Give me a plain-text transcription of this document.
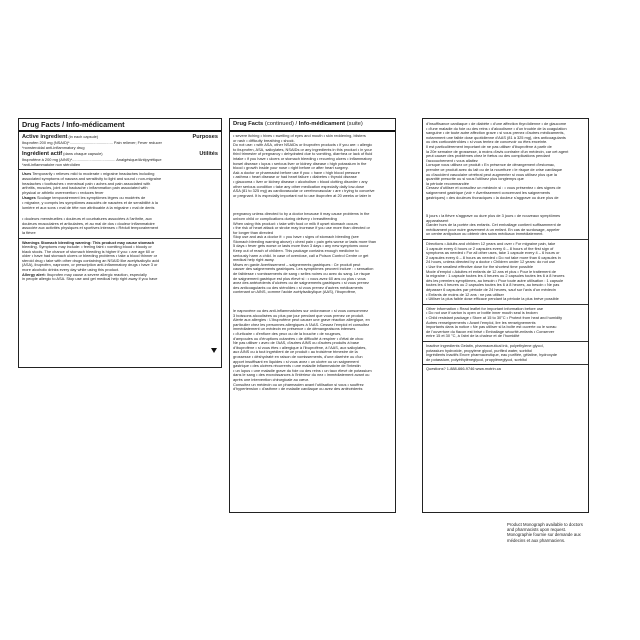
Drug Facts / Info-médicament
Active ingredient (in each capsule)	Purposes
Ibuprofen 200 mg (NSAID)*........................................ Pain reliever; Fever reducer
*nonsteroidal anti-inflammatory drug
Ingrédient actif (dans chaque capsule)	Utilités
Ibuprofène à 200 mg (AINS)*........................................ Analgésique/Antipyrétique
*anti-inflammatoire non stéroïdien
Uses Temporarily • relieves mild to moderate • migraine headaches including
associated symptoms of nausea and sensitivity to light and sound • non-migraine
headaches • toothaches • menstrual pain • aches and pain associated with
arthritis, muscles, joint and backache • inflammation pain associated with
physical or athletic overexertion • reduces fever
Usages Soulage temporairement les symptômes légers ou modérés de
• migraine, y compris les symptômes associés de nausées et de sensibilité à la
lumière et aux sons • mal de tête non attribuable à la migraine • mal de dents
• douleurs menstruelles • douleurs et courbatures associées à l'arthrite, aux
douleurs musculaires et articulaires, et au mal de dos • douleur inflammatoire
associée aux activités physiques et sportives intenses • Réduit temporairement
la fièvre
Warnings Stomach bleeding warning: This product may cause stomach
bleeding. Symptoms may include: • feeling faint • vomiting blood • bloody or
black stools. The chance of stomach bleeding is higher if you: • are age 60 or
older • have had stomach ulcers or bleeding problems • take a blood thinner or
steroid drug • take with other drugs containing an NSAID like acetylsalicylic acid
(ASA), ibuprofen, naproxen, or prescription anti-inflammatory drugs • have 3 or
more alcoholic drinks every day while using this product.
Allergy alert: Ibuprofen may cause a severe allergic reaction, especially
in people allergic to ASA. Stop use and get medical help right away if you have
Drug Facts (continued) / Info-médicament (suite)
• severe itching • hives • swelling of eyes and mouth • skin reddening, blisters
or rash • difficulty breathing • shock.
Do not use: • with ASA, other NSAIDs or ibuprofen products • if you are: • allergic
to ibuprofen, ASA, salicylates, NSAIDs or any ingredients in this product • in your
third trimester of pregnancy • dehydrated due to vomiting, diarrhea or lack of fluid
intake • if you have • ulcers or stomach bleeding • recurring ulcers • inflammatory
bowel disease • lupus • serious liver or kidney disease • high potassium in the
blood • growth inside your nose • right before or after heart surgery.
Ask a doctor or pharmacist before use if you: • have • high blood pressure
• asthma • heart disease or had heart failure • diabetes • thyroid disease
• glaucoma • liver or kidney disease • alcoholism • blood clotting disorder • any
other serious condition • take any other medication especially daily low-dose
ASA (81 to 325 mg) as cardiovascular or cerebrovascular • are • trying to conceive
or pregnant. It is especially important not to use ibuprofen at 20 weeks or later in
pregnancy unless directed to by a doctor because it may cause problems in the
unborn child or complications during delivery • breastfeeding
When using this product: • take with food or milk if upset stomach occurs
• the risk of heart attack or stroke may increase if you use more than directed or
for longer than directed
Stop use and ask a doctor if: • you have • signs of stomach bleeding (see
Stomach bleeding warning above) • chest pain • pain gets worse or lasts more than
5 days • fever gets worse or lasts more than 3 days • any new symptoms occur
Keep out of reach of children. This package contains enough medicine to
seriously harm a child. In case of overdose, call a Poison Control Centre or get
medical help right away.
Mises en garde Avertissement – saignements gastriques : Ce produit peut
causer des saignements gastriques. Les symptômes peuvent inclure : • sensation
de faiblesse • vomissements de sang • selles noires ou avec du sang. Le risque
de saignement gastrique est plus élevé si : • vous avez 60 ans ou plus • vous
avez des antécédents d'ulcères ou de saignements gastriques • si vous prenez
des anticoagulants ou des stéroïdes • si vous prenez d'autres médicaments
contenant un AINS, comme l'acide acétylsalicylique (AAS), l'ibuprofène,
le naproxène ou des anti-inflammatoires sur ordonnance • si vous consommez
3 boissons alcoolisées ou plus par jour pendant que vous prenez ce produit.
Alerte aux allergies : L'ibuprofène peut causer une grave réaction allergique, en
particulier chez les personnes allergiques à l'AAS. Cessez l'emploi et consultez
immédiatement un médecin en présence • de démangeaisons intenses
• d'urticaire • d'enflure des yeux ou de la bouche • de rougeurs,
d'ampoules ou d'éruptions cutanées • de difficulté à respirer • d'état de choc
Ne pas utiliser • avec de l'AAS, d'autres AINS ou d'autres produits à base
d'ibuprofène • si vous êtes • allergique à l'ibuprofène, à l'AAS, aux salicylates,
aux AINS ou à tout ingrédient de ce produit • au troisième trimestre de la
grossesse • déshydraté en raison de vomissements, d'une diarrhée ou d'un
apport insuffisant en liquides • si vous avez • un ulcère ou un saignement
gastrique • des ulcères récurrents • une maladie inflammatoire de l'intestin
• un lupus • une maladie grave du foie ou des reins • un taux élevé de potassium
dans le sang • des excroissances à l'intérieur du nez • immédiatement avant ou
après une intervention chirurgicale au cœur.
Consultez un médecin ou un pharmacien avant l'utilisation si vous • souffrez
d'hypertension • d'asthme • de maladie cardiaque ou avez des antécédents
d'insuffisance cardiaque • de diabète • d'une affection thyroïdienne • de glaucome
• d'une maladie du foie ou des reins • d'alcoolisme • d'un trouble de la coagulation
sanguine • de toute autre affection grave • si vous prenez d'autres médicaments,
notamment une faible dose quotidienne d'AAS (81 à 325 mg), des anticoagulants
ou des corticostéroïdes • si vous tentez de concevoir ou êtes enceinte.
Il est particulièrement important de ne pas utiliser d'ibuprofène à partir de
la 20e semaine de grossesse, à moins d'avis contraire d'un médecin, car cet agent
peut causer des problèmes chez le fœtus ou des complications pendant
l'accouchement • vous allaitez
Lorsque vous utilisez ce produit • En présence de dérangement d'estomac,
prendre ce produit avec du lait ou de la nourriture • le risque de crise cardiaque
ou d'accident vasculaire cérébral peut augmenter si vous utilisez plus que la
quantité prescrite ou si vous l'utilisez plus longtemps que
la période recommandée
Cessez d'utiliser et consultez un médecin si : • vous présentez • des signes de
saignement gastrique (voir « Avertissement concernant les saignements
gastriques) • des douleurs thoraciques • la douleur s'aggrave ou dure plus de
5 jours • la fièvre s'aggrave ou dure plus de 3 jours • de nouveaux symptômes
apparaissent
Garder hors de la portée des enfants. Cet emballage contient suffisamment de
médicament pour nuire gravement à un enfant. En cas de surdosage, appeler
un centre antipoison ou obtenir des soins médicaux immédiatement.
Directions • Adults and children 12 years and over • For migraine pain, take
1 capsule every 6 hours or 2 capsules every 6 – 8 hours of the first sign of
symptoms as needed • For all other uses, take 1 capsule every 4 – 6 hours or
2 capsules every 6 – 8 hours as needed • Do not take more than 6 capsules in
24 hours, unless directed by a doctor • Children under 12 years: do not use
• Use the smallest effective dose for the shortest time possible
Mode d'emploi • Adultes et enfants de 12 ans et plus • Pour le traitement de
la migraine : 1 capsule toutes les 4 heures ou 2 capsules toutes les 6 à 8 heures
dès les premiers symptômes, au besoin • Pour toute autre utilisation : 1 capsule
toutes les 4 heures ou 2 capsules toutes les 6 à 8 heures, au besoin • Ne pas
dépasser 6 capsules par période de 24 heures, sauf sur l'avis d'un médecin
• Enfants de moins de 12 ans : ne pas utiliser
• Utiliser la plus faible dose efficace pendant la période la plus brève possible
Other information • Read leaflet for important information before use
• Do not use if carton is open or bottle inner mouth seal is broken
• Child resistant package • Store at 15 to 30°C • Protect from heat and humidity
Autres renseignements • Avant l'emploi, lire les renseignements
importants dans la notice • Ne pas utiliser si la boîte est ouverte ou le sceau
de l'ouverture du flacon est brisé • Emballage sécurité-enfants • Conserver
entre 15 et 30 °C, à l'abri de la chaleur et de l'humidité
Inactive ingredients Gelatin, pharmaceutical ink, polyethylene glycol,
potassium hydroxide, propylene glycol, purified water, sorbitol
Ingrédients inactifs Encre pharmaceutique, eau purifiée, gélatine, hydroxyde
de potassium, polyéthylèneglycol, propylèneglycol, sorbitol
Questions? 1-888-666-9746 www.motrin.ca
Product Monograph available to doctors
and pharmacists upon request.
Monographie fournie sur demande aux
médecins et aux pharmaciens.
